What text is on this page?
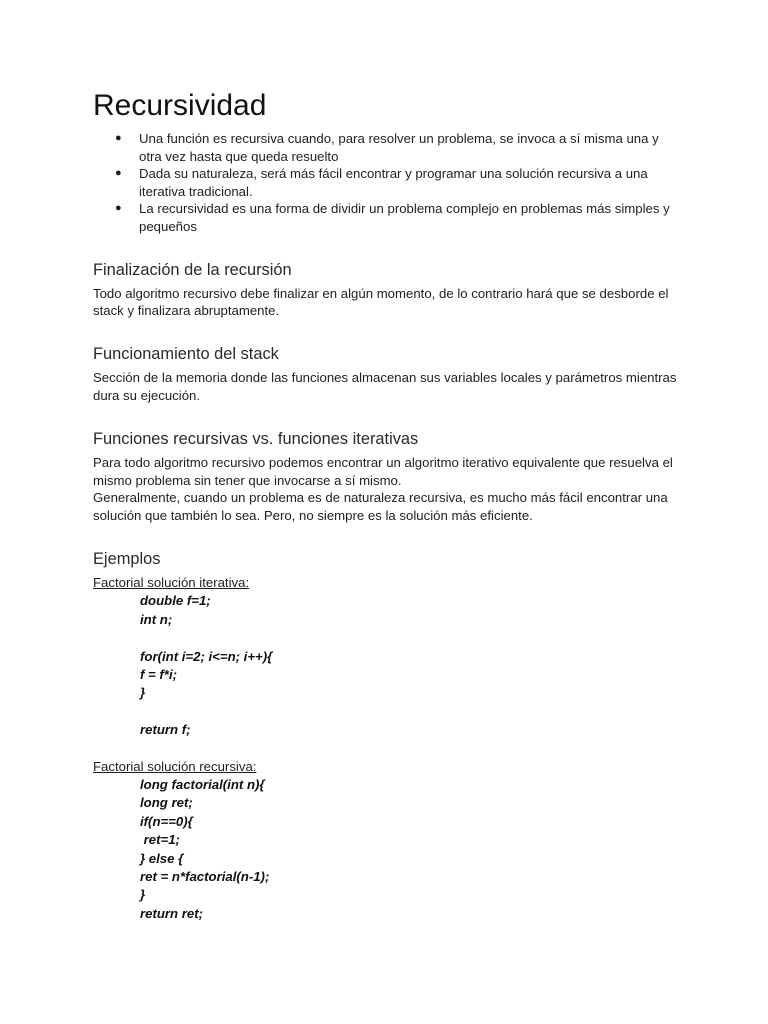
Recursividad
● Una función es recursiva cuando, para resolver un problema, se invoca a sí misma una y otra vez hasta que queda resuelto
● Dada su naturaleza, será más fácil encontrar y programar una solución recursiva a una iterativa tradicional.
● La recursividad es una forma de dividir un problema complejo en problemas más simples y pequeños
Finalización de la recursión

Todo algoritmo recursivo debe finalizar en algún momento, de lo contrario hará que se desborde el stack y finalizara abruptamente.

Funcionamiento del stack

Sección de la memoria donde las funciones almacenan sus variables locales y parámetros mientras dura su ejecución.

Funciones recursivas vs. funciones iterativas

Para todo algoritmo recursivo podemos encontrar un algoritmo iterativo equivalente que resuelva el mismo problema sin tener que invocarse a sí mismo.

Generalmente, cuando un problema es de naturaleza recursiva, es mucho más fácil encontrar una solución que también lo sea. Pero, no siempre es la solución más eficiente.

Ejemplos

Factorial solución iterativa:

double f=1;
int n;
for(int i=2; i<=n; i++){
f = f*i;
}
return f;

Factorial solución recursiva:

long factorial(int n){
long ret;
if(n==0){
ret=1;
} else {
ret = n*factorial(n-1);
}
return ret;
